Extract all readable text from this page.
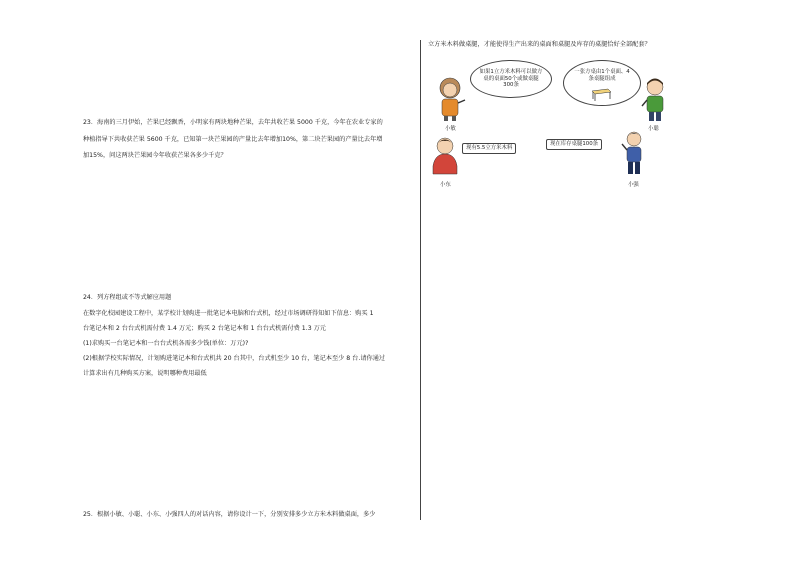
23．海南的三月伊始，芒果已经飘香，小明家有两块地种芒果，去年共收芒果 5000 千克，今年在农业专家的
种植指导下共收获芒果 5600 千克，已知第一块芒果园的产量比去年增加10%，第二块芒果园的产量比去年增
加15%，问这两块芒果园今年收获芒果各多少千克？
24．列方程组或不等式解应用题
在数字化校园建设工程中，某学校计划购进一批笔记本电脑和台式机，经过市场调研得知如下信息：购买 1
台笔记本和 2 台台式机需付费 1.4 万元；购买 2 台笔记本和 1 台台式机需付费 1.3 万元
(1)求购买一台笔记本和一台台式机各需多少钱(单位：万元)?
(2)根据学校实际情况，计划购进笔记本和台式机共 20 台其中，台式机至少 10 台，笔记本至少 8 台.请你通过
计算求出有几种购买方案，说明哪种费用最低
25．根据小敏、小聪、小东、小强四人的对话内容，请你设计一下，分别安排多少立方米木料做桌面，多少
立方米木料做桌腿，才能使得生产出来的桌面和桌腿及库存的桌腿恰好全部配套？
如果1立方米木料可以做方桌的桌面50个或做桌腿300条
小敏
一张方桌由1个桌面、4条桌腿组成
小聪
现有5.5立方米木料
小东
现在库存桌腿100条
小强
